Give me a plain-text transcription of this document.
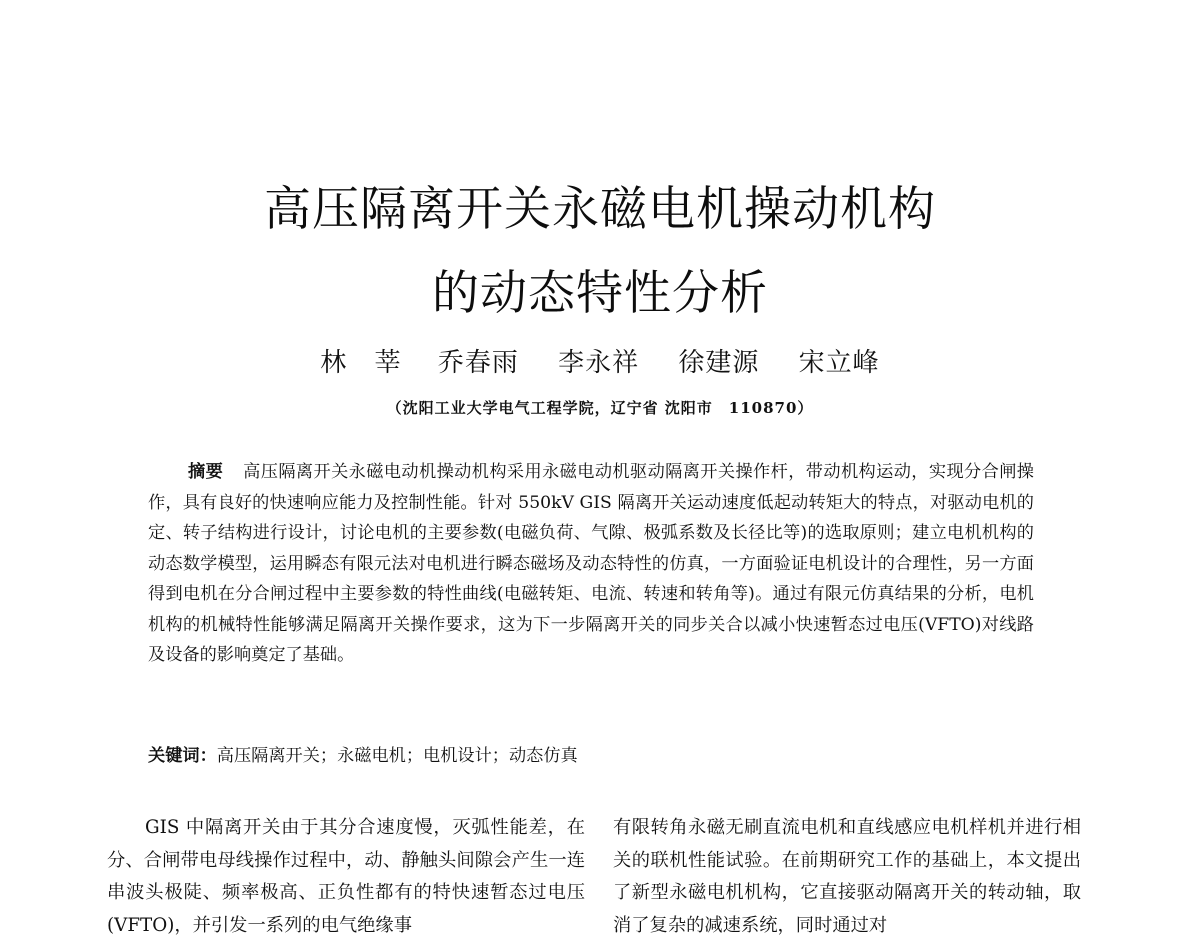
高压隔离开关永磁电机操动机构
的动态特性分析
林 莘 乔春雨 李永祥 徐建源 宋立峰
（沈阳工业大学电气工程学院，辽宁省 沈阳市　110870）

摘要 高压隔离开关永磁电动机操动机构采用永磁电动机驱动隔离开关操作杆，带动机构运动，实现分合闸操作，具有良好的快速响应能力及控制性能。针对 550kV GIS 隔离开关运动速度低起动转矩大的特点，对驱动电机的定、转子结构进行设计，讨论电机的主要参数(电磁负荷、气隙、极弧系数及长径比等)的选取原则；建立电机机构的动态数学模型，运用瞬态有限元法对电机进行瞬态磁场及动态特性的仿真，一方面验证电机设计的合理性，另一方面得到电机在分合闸过程中主要参数的特性曲线(电磁转矩、电流、转速和转角等)。通过有限元仿真结果的分析，电机机构的机械特性能够满足隔离开关操作要求，这为下一步隔离开关的同步关合以减小快速暂态过电压(VFTO)对线路及设备的影响奠定了基础。

关键词：高压隔离开关；永磁电机；电机设计；动态仿真

GIS 中隔离开关由于其分合速度慢，灭弧性能差，在分、合闸带电母线操作过程中，动、静触头间隙会产生一连串波头极陡、频率极高、正负性都有的特快速暂态过电压(VFTO)，并引发一系列的电气绝缘事

有限转角永磁无刷直流电机和直线感应电机样机并进行相关的联机性能试验。在前期研究工作的基础上，本文提出了新型永磁电机机构，它直接驱动隔离开关的转动轴，取消了复杂的减速系统，同时通过对
